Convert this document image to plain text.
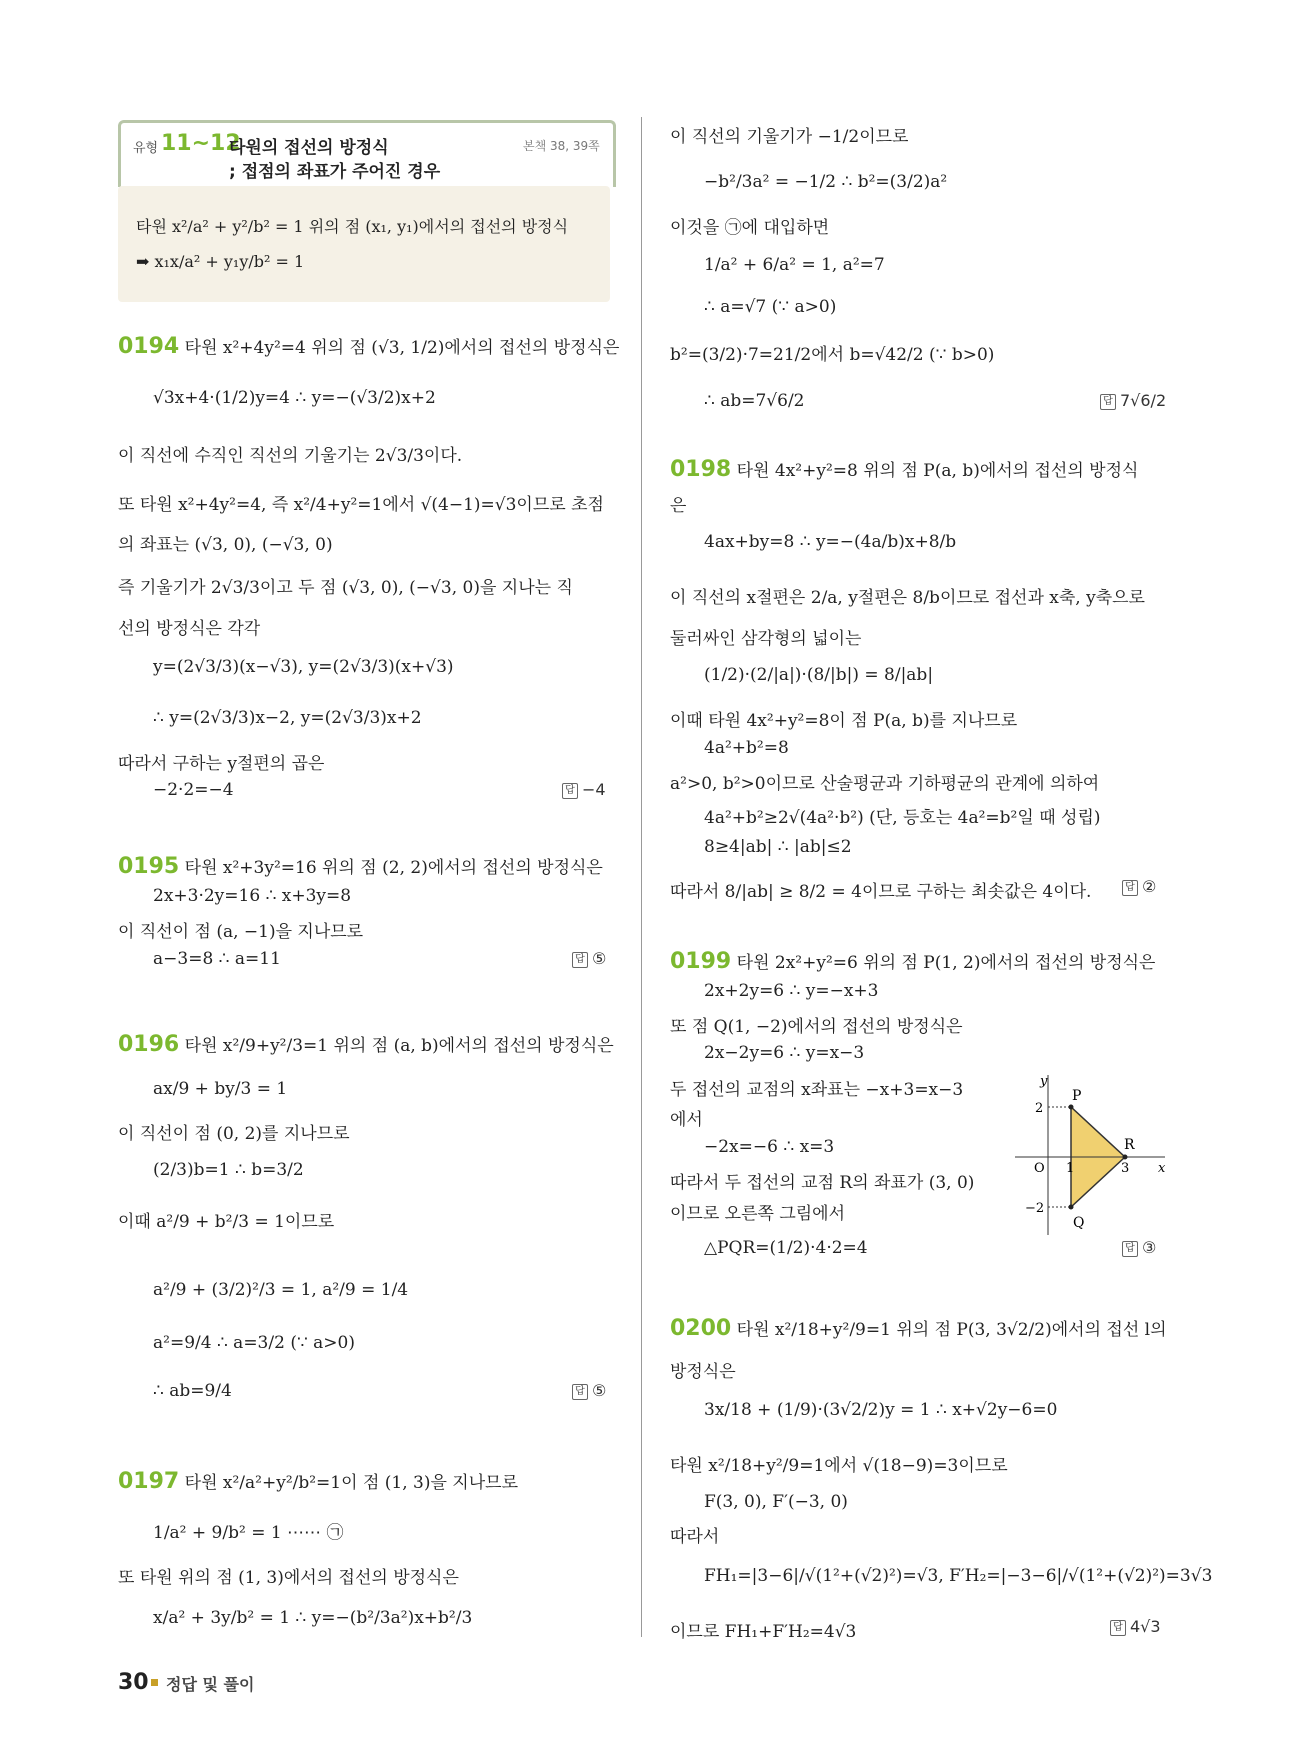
유형 11~12
타원의 접선의 방정식
; 접점의 좌표가 주어진 경우
본책 38, 39쪽
타원 x²/a² + y²/b² = 1 위의 점 (x₁, y₁)에서의 접선의 방정식
➡ x₁x/a² + y₁y/b² = 1
0194 타원 x²+4y²=4 위의 점 (√3, 1/2)에서의 접선의 방정식은
√3x+4·(1/2)y=4 ∴ y=−(√3/2)x+2
이 직선에 수직인 직선의 기울기는 2√3/3이다.
또 타원 x²+4y²=4, 즉 x²/4+y²=1에서 √(4−1)=√3이므로 초점
의 좌표는 (√3, 0), (−√3, 0)
즉 기울기가 2√3/3이고 두 점 (√3, 0), (−√3, 0)을 지나는 직
선의 방정식은 각각
y=(2√3/3)(x−√3), y=(2√3/3)(x+√3)
∴ y=(2√3/3)x−2, y=(2√3/3)x+2
따라서 구하는 y절편의 곱은
−2·2=−4	답 −4
0195 타원 x²+3y²=16 위의 점 (2, 2)에서의 접선의 방정식은
2x+3·2y=16 ∴ x+3y=8
이 직선이 점 (a, −1)을 지나므로
a−3=8 ∴ a=11	답 ⑤
0196 타원 x²/9+y²/3=1 위의 점 (a, b)에서의 접선의 방정식은
ax/9 + by/3 = 1
이 직선이 점 (0, 2)를 지나므로
(2/3)b=1 ∴ b=3/2
이때 a²/9 + b²/3 = 1이므로
a²/9 + (3/2)²/3 = 1, a²/9 = 1/4
a²=9/4 ∴ a=3/2 (∵ a>0)
∴ ab=9/4	답 ⑤
0197 타원 x²/a²+y²/b²=1이 점 (1, 3)을 지나므로
1/a² + 9/b² = 1 ⋯⋯ ㉠
또 타원 위의 점 (1, 3)에서의 접선의 방정식은
x/a² + 3y/b² = 1 ∴ y=−(b²/3a²)x+b²/3
이 직선의 기울기가 −1/2이므로
−b²/3a² = −1/2 ∴ b²=(3/2)a²
이것을 ㉠에 대입하면
1/a² + 6/a² = 1, a²=7
∴ a=√7 (∵ a>0)
b²=(3/2)·7=21/2에서 b=√42/2 (∵ b>0)
∴ ab=7√6/2	답 7√6/2
0198 타원 4x²+y²=8 위의 점 P(a, b)에서의 접선의 방정식
은
4ax+by=8 ∴ y=−(4a/b)x+8/b
이 직선의 x절편은 2/a, y절편은 8/b이므로 접선과 x축, y축으로
둘러싸인 삼각형의 넓이는
(1/2)·(2/|a|)·(8/|b|) = 8/|ab|
이때 타원 4x²+y²=8이 점 P(a, b)를 지나므로
4a²+b²=8
a²>0, b²>0이므로 산술평균과 기하평균의 관계에 의하여
4a²+b²≥2√(4a²·b²) (단, 등호는 4a²=b²일 때 성립)
8≥4|ab| ∴ |ab|≤2
따라서 8/|ab| ≥ 8/2 = 4이므로 구하는 최솟값은 4이다.	답 ②
0199 타원 2x²+y²=6 위의 점 P(1, 2)에서의 접선의 방정식은
2x+2y=6 ∴ y=−x+3
또 점 Q(1, −2)에서의 접선의 방정식은
2x−2y=6 ∴ y=x−3
두 접선의 교점의 x좌표는 −x+3=x−3
에서
−2x=−6 ∴ x=3
따라서 두 접선의 교점 R의 좌표가 (3, 0)
이므로 오른쪽 그림에서
△PQR=(1/2)·4·2=4	답 ③
0200 타원 x²/18+y²/9=1 위의 점 P(3, 3√2/2)에서의 접선 l의
방정식은
3x/18 + (1/9)·(3√2/2)y = 1 ∴ x+√2y−6=0
타원 x²/18+y²/9=1에서 √(18−9)=3이므로
F(3, 0), F′(−3, 0)
따라서
FH₁=|3−6|/√(1²+(√2)²)=√3, F′H₂=|−3−6|/√(1²+(√2)²)=3√3
이므로 FH₁+F′H₂=4√3	답 4√3
y
x
P
Q
R
O
2
−2
1	3
30 정답 및 풀이
